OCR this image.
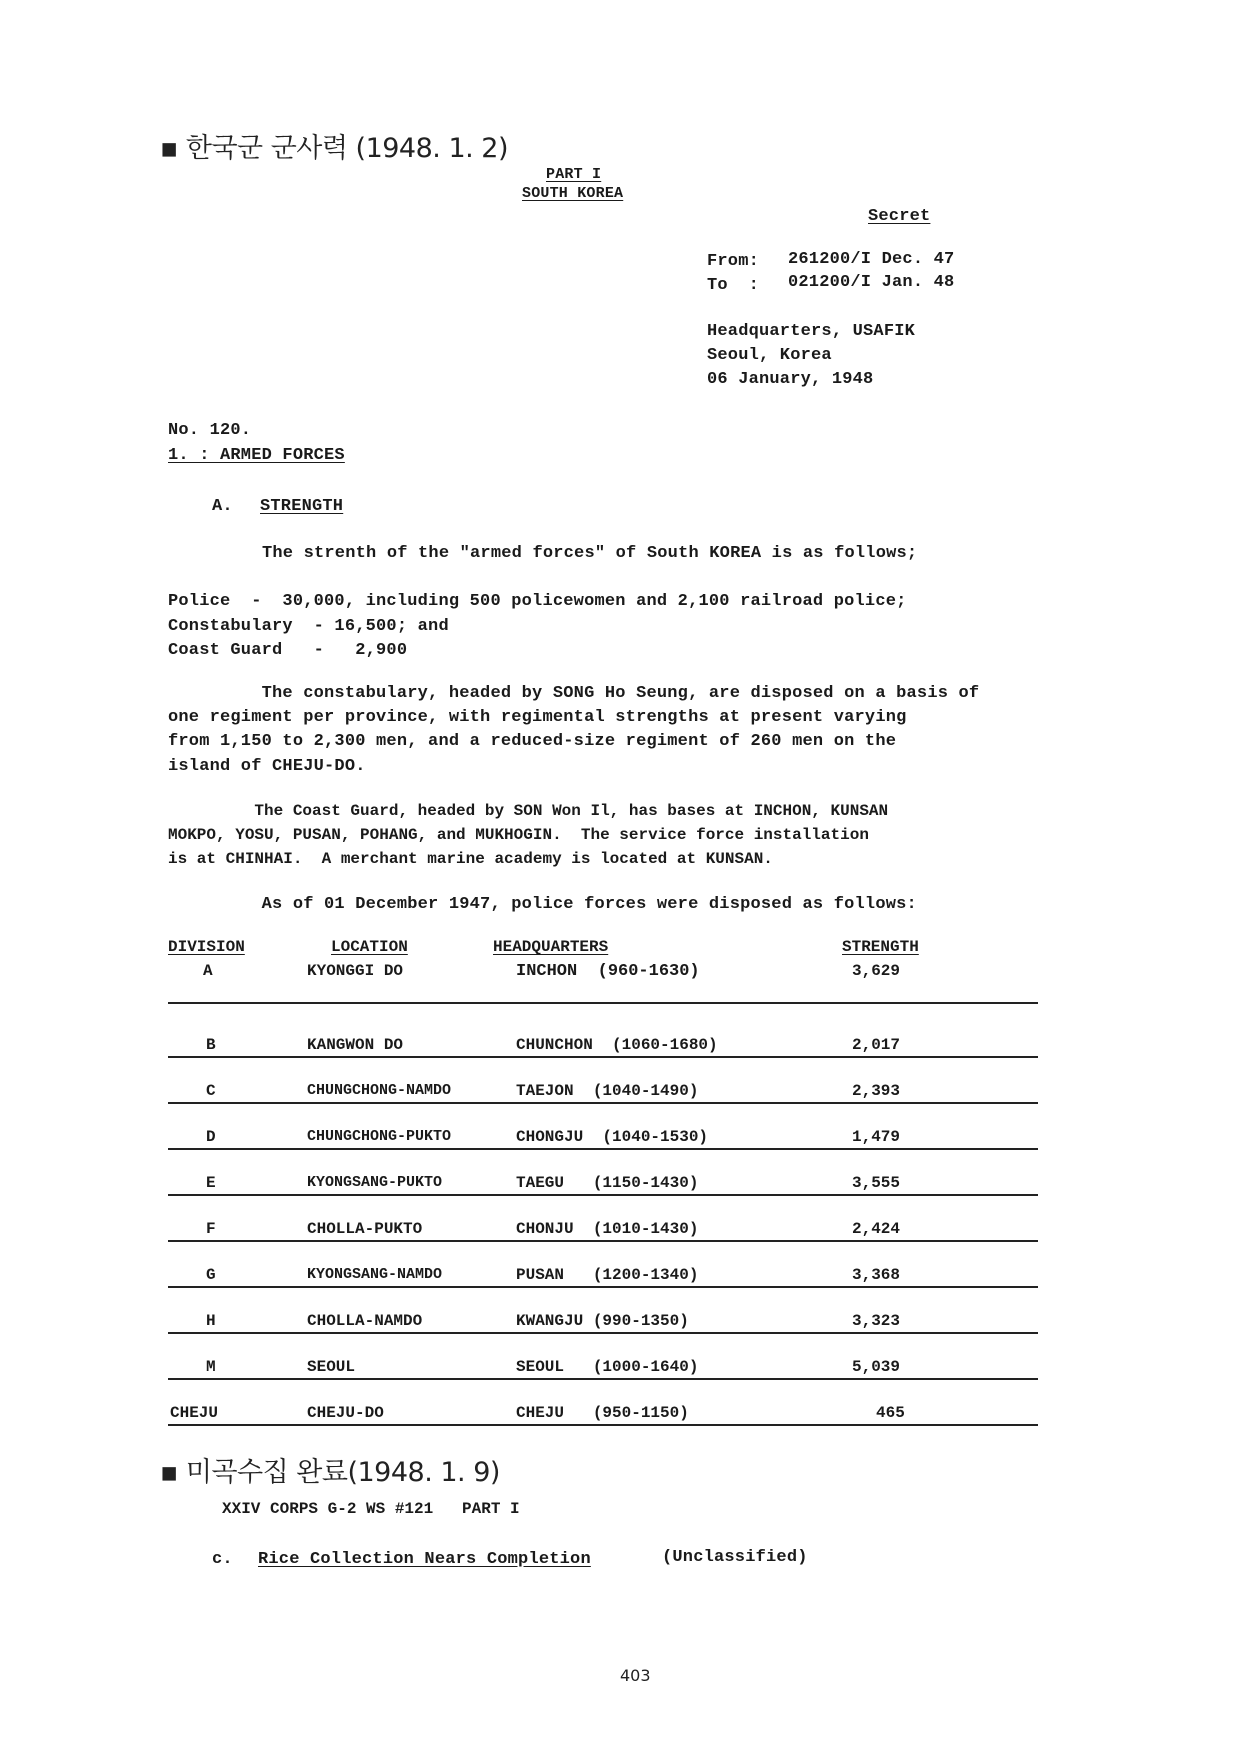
▪ 한국군 군사력 (1948. 1. 2)
PART I
SOUTH KOREA
Secret
From: 261200/I Dec. 47
To  : 021200/I Jan. 48
Headquarters, USAFIK
Seoul, Korea
06 January, 1948
No. 120.
1. : ARMED FORCES
A. STRENGTH
The strenth of the "armed forces" of South KOREA is as follows;
Police  -  30,000, including 500 policewomen and 2,100 railroad police;
Constabulary  - 16,500; and
Coast Guard   -   2,900
The constabulary, headed by SONG Ho Seung, are disposed on a basis of
one regiment per province, with regimental strengths at present varying
from 1,150 to 2,300 men, and a reduced-size regiment of 260 men on the
island of CHEJU-DO.
The Coast Guard, headed by SON Won Il, has bases at INCHON, KUNSAN
MOKPO, YOSU, PUSAN, POHANG, and MUKHOGIN.  The service force installation
is at CHINHAI.  A merchant marine academy is located at KUNSAN.
As of 01 December 1947, police forces were disposed as follows:
DIVISION	LOCATION	HEADQUARTERS	STRENGTH
A	KYONGGI DO	INCHON  (960-1630)	3,629
B	KANGWON DO	CHUNCHON  (1060-1680)	2,017
C	CHUNGCHONG-NAMDO	TAEJON  (1040-1490)	2,393
D	CHUNGCHONG-PUKTO	CHONGJU  (1040-1530)	1,479
E	KYONGSANG-PUKTO	TAEGU   (1150-1430)	3,555
F	CHOLLA-PUKTO	CHONJU  (1010-1430)	2,424
G	KYONGSANG-NAMDO	PUSAN   (1200-1340)	3,368
H	CHOLLA-NAMDO	KWANGJU (990-1350)	3,323
M	SEOUL	SEOUL   (1000-1640)	5,039
CHEJU	CHEJU-DO	CHEJU   (950-1150)	465
▪ 미곡수집 완료(1948. 1. 9)
XXIV CORPS G-2 WS #121   PART I
c. Rice Collection Nears Completion	(Unclassified)
403
